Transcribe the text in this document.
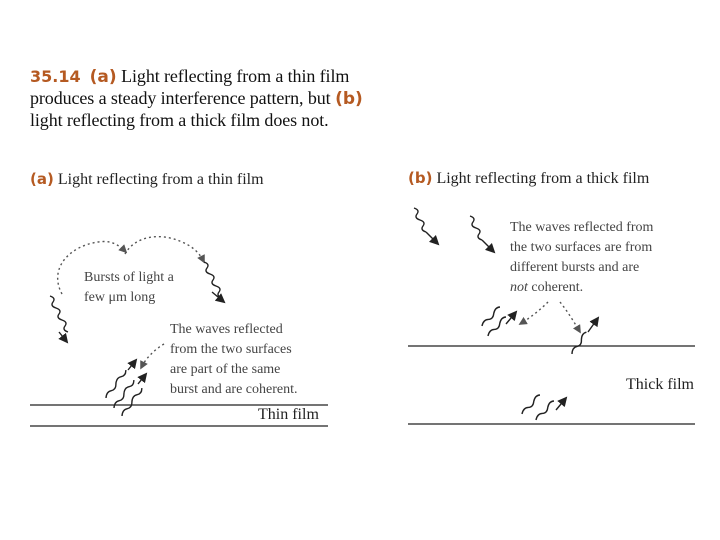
35.14 (a) Light reflecting from a thin film produces a steady interference pattern, but (b) light reflecting from a thick film does not.
(a) Light reflecting from a thin film	(b) Light reflecting from a thick film
Bursts of light a
few μm long
The waves reflected
from the two surfaces
are part of the same
burst and are coherent.
Thin film
The waves reflected from
the two surfaces are from
different bursts and are
not coherent.
Thick film
